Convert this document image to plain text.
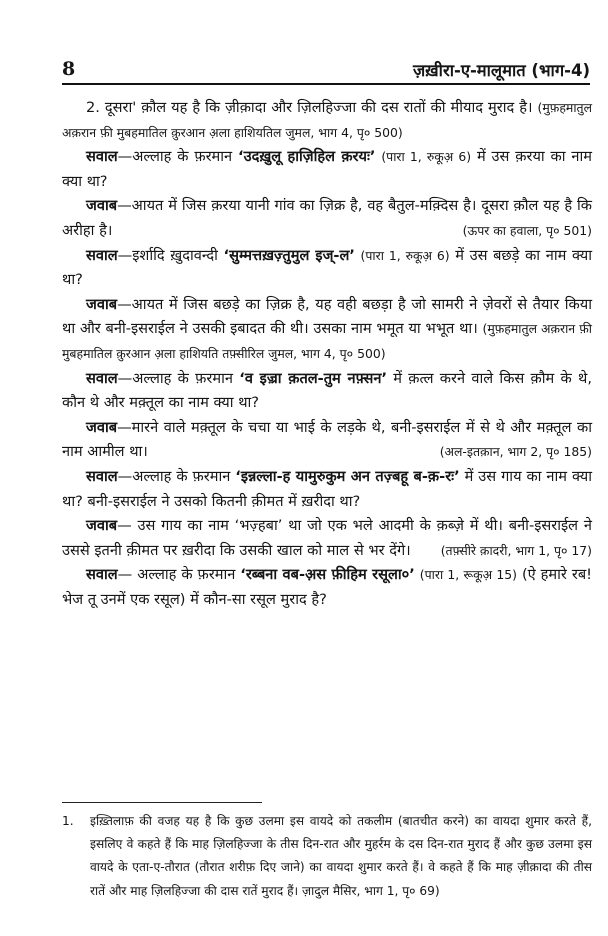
8	ज़ख़ीरा-ए-मालूमात (भाग-4)

2. दूसरा' क़ौल यह है कि ज़ीक़ादा और ज़िलहिज्जा की दस रातों की मीयाद मुराद है। (मुफ़हमातुल अक़रान फ़ी मुबहमातिल क़ुरआन अ़ला हाशियतिल जुमल, भाग 4, पृ० 500)

सवाल—अल्लाह के फ़रमान ‘उदख़ुलू हाज़िहिल क़रयः’ (पारा 1, रुकूअ़ 6) में उस क़रया का नाम क्या था?

जवाब—आयत में जिस क़रया यानी गांव का ज़िक्र है, वह बैतुल-मक़्दिस है। दूसरा क़ौल यह है कि अरीहा है।	(ऊपर का हवाला, पृ० 501)

सवाल—इर्शादि ख़ुदावन्दी ‘सुम्मत्तख़ज़्तुमुल इज्-ल’ (पारा 1, रुकूअ़ 6) में उस बछड़े का नाम क्या था?

जवाब—आयत में जिस बछड़े का ज़िक्र है, यह वही बछड़ा है जो सामरी ने ज़ेवरों से तैयार किया था और बनी-इसराईल ने उसकी इबादत की थी। उसका नाम भमूत या भभूत था। (मुफ़हमातुल अक़रान फ़ी मुबहमातिल क़ुरआन अ़ला हाशियति तफ़्सीरिल जुमल, भाग 4, पृ० 500)

सवाल—अल्लाह के फ़रमान ‘व इज़्रा क़तल-तुम नफ़्सन’ में क़त्ल करने वाले किस क़ौम के थे, कौन थे और मक़्तूल का नाम क्या था?

जवाब—मारने वाले मक़्तूल के चचा या भाई के लड़के थे, बनी-इसराईल में से थे और मक़्तूल का नाम आमील था।	(अल-इतक़ान, भाग 2, पृ० 185)

सवाल—अल्लाह के फ़रमान ‘इन्नल्ला-ह यामुरुकुम अन तज़्बहू ब-क़-रः’ में उस गाय का नाम क्या था? बनी-इसराईल ने उसको कितनी क़ीमत में ख़रीदा था?

जवाब— उस गाय का नाम ‘भज़्हबा’ था जो एक भले आदमी के क़ब्ज़े में थी। बनी-इसराईल ने उससे इतनी क़ीमत पर ख़रीदा कि उसकी खाल को माल से भर देंगे।	(तफ़्सीरे क़ादरी, भाग 1, पृ० 17)

सवाल— अल्लाह के फ़रमान ‘रब्बना वब-अ़स फ़ीहिम रसूला०’ (पारा 1, रूकूअ़ 15) (ऐ हमारे रब! भेज तू उनमें एक रसूल) में कौन-सा रसूल मुराद है?

1. इख़्तिलाफ़ की वजह यह है कि कुछ उलमा इस वायदे को तकलीम (बातचीत करने) का वायदा शुमार करते हैं, इसलिए वे कहते हैं कि माह ज़िलहिज्जा के तीस दिन-रात और मुहर्रम के दस दिन-रात मुराद हैं और कुछ उलमा इस वायदे के एता-ए-तौरात (तौरात शरीफ़ दिए जाने) का वायदा शुमार करते हैं। वे कहते हैं कि माह ज़ीक़ादा की तीस रातें और माह ज़िलहिज्जा की दास रातें मुराद हैं। ज़ादुल मैसिर, भाग 1, पृ० 69)
